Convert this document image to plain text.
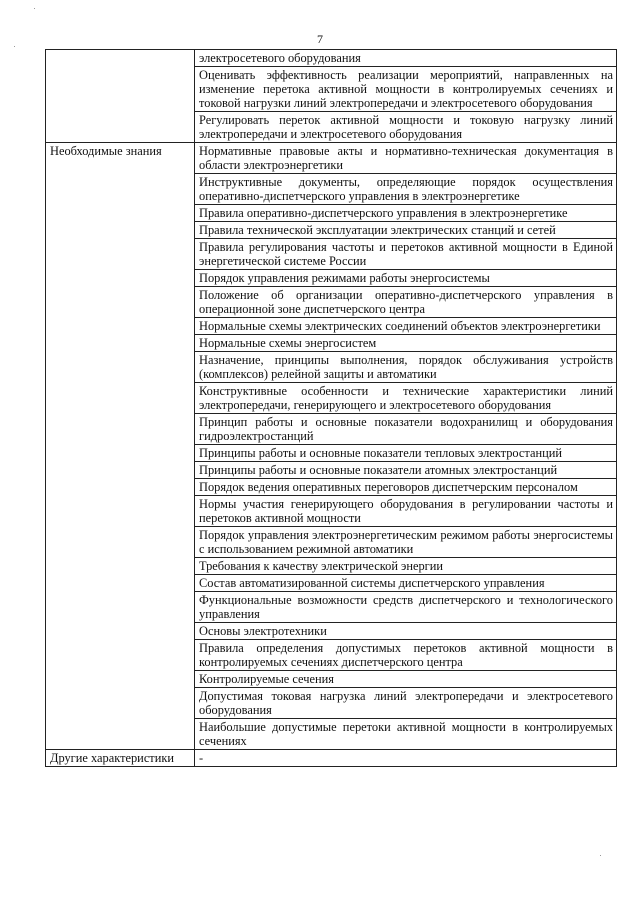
7
	электросетевого оборудования
	Оценивать эффективность реализации мероприятий, направленных на изменение перетока активной мощности в контролируемых сечениях и токовой нагрузки линий электропередачи и электросетевого оборудования
	Регулировать переток активной мощности и токовую нагрузку линий электропередачи и электросетевого оборудования
Необходимые знания	Нормативные правовые акты и нормативно-техническая документация в области электроэнергетики
	Инструктивные документы, определяющие порядок осуществления оперативно-диспетчерского управления в электроэнергетике
	Правила оперативно-диспетчерского управления в электроэнергетике
	Правила технической эксплуатации электрических станций и сетей
	Правила регулирования частоты и перетоков активной мощности в Единой энергетической системе России
	Порядок управления режимами работы энергосистемы
	Положение об организации оперативно-диспетчерского управления в операционной зоне диспетчерского центра
	Нормальные схемы электрических соединений объектов электроэнергетики
	Нормальные схемы энергосистем
	Назначение, принципы выполнения, порядок обслуживания устройств (комплексов) релейной защиты и автоматики
	Конструктивные особенности и технические характеристики линий электропередачи, генерирующего и электросетевого оборудования
	Принцип работы и основные показатели водохранилищ и оборудования гидроэлектростанций
	Принципы работы и основные показатели тепловых электростанций
	Принципы работы и основные показатели атомных электростанций
	Порядок ведения оперативных переговоров диспетчерским персоналом
	Нормы участия генерирующего оборудования в регулировании частоты и перетоков активной мощности
	Порядок управления электроэнергетическим режимом работы энергосистемы с использованием режимной автоматики
	Требования к качеству электрической энергии
	Состав автоматизированной системы диспетчерского управления
	Функциональные возможности средств диспетчерского и технологического управления
	Основы электротехники
	Правила определения допустимых перетоков активной мощности в контролируемых сечениях диспетчерского центра
	Контролируемые сечения
	Допустимая токовая нагрузка линий электропередачи и электросетевого оборудования
	Наибольшие допустимые перетоки активной мощности в контролируемых сечениях
Другие характеристики	-
